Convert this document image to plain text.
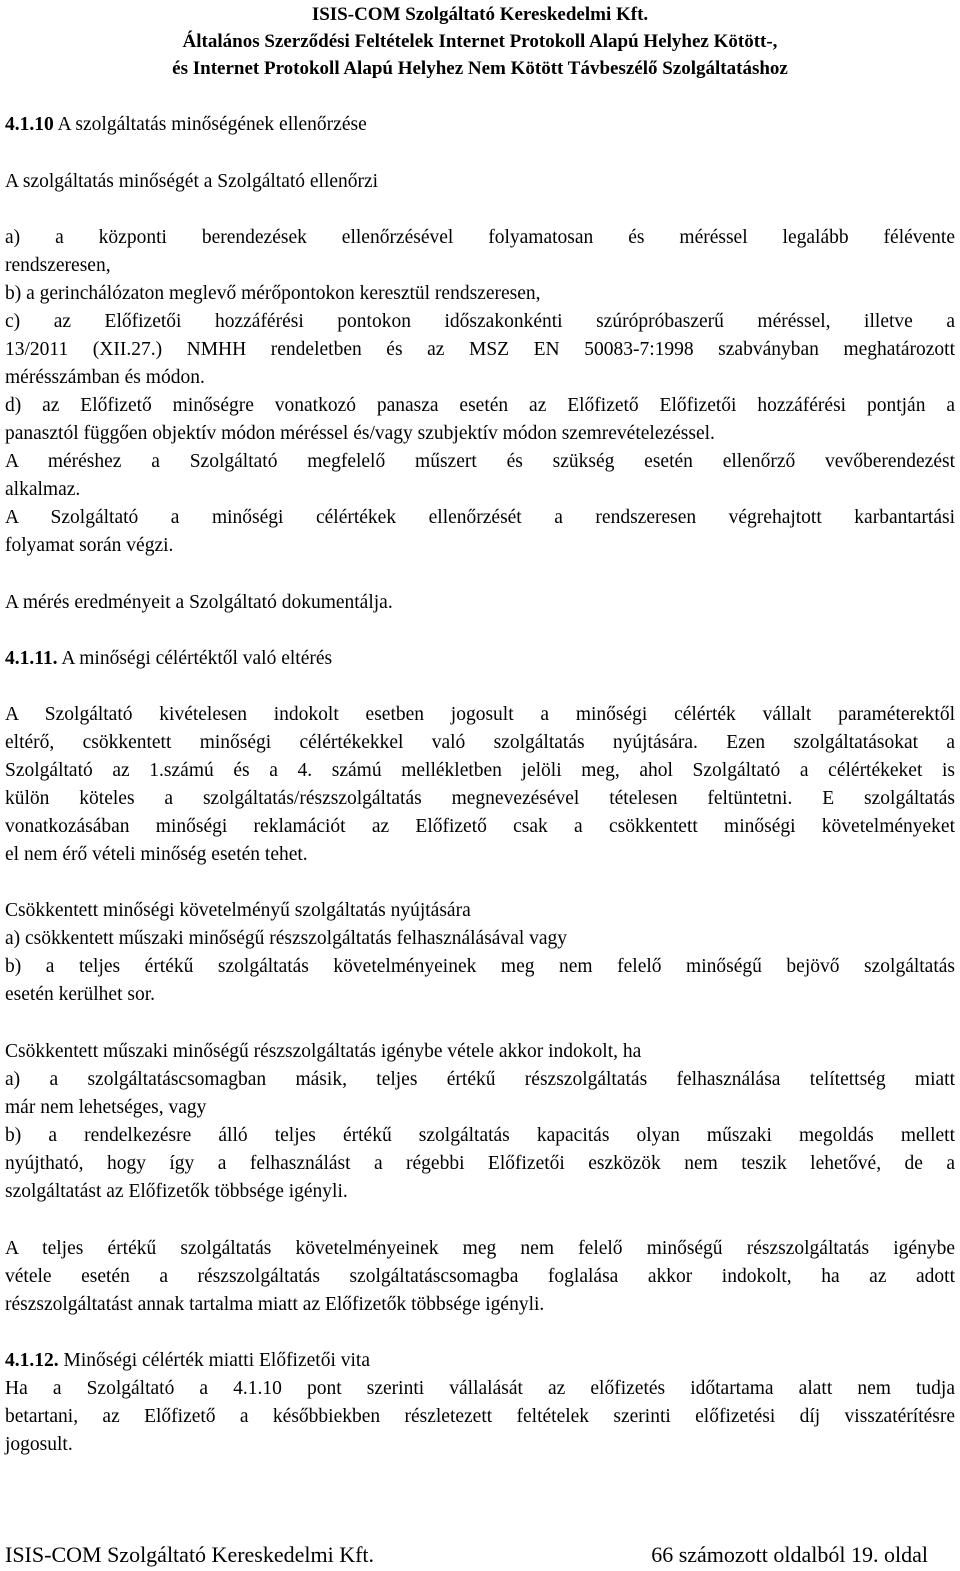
ISIS-COM Szolgáltató Kereskedelmi Kft.
Általános Szerződési Feltételek Internet Protokoll Alapú Helyhez Kötött-,
és Internet Protokoll Alapú Helyhez Nem Kötött Távbeszélő Szolgáltatáshoz
4.1.10 A szolgáltatás minőségének ellenőrzése
A szolgáltatás minőségét a Szolgáltató ellenőrzi
a) a központi berendezések ellenőrzésével folyamatosan és méréssel legalább félévente
rendszeresen,
b) a gerinchálózaton meglevő mérőpontokon keresztül rendszeresen,
c) az Előfizetői hozzáférési pontokon időszakonkénti szúrópróbaszerű méréssel, illetve a
13/2011 (XII.27.) NMHH rendeletben és az MSZ EN 50083-7:1998 szabványban meghatározott
mérésszámban és módon.
d) az Előfizető minőségre vonatkozó panasza esetén az Előfizető Előfizetői hozzáférési pontján a
panasztól függően objektív módon méréssel és/vagy szubjektív módon szemrevételezéssel.
A méréshez a Szolgáltató megfelelő műszert és szükség esetén ellenőrző vevőberendezést
alkalmaz.
A Szolgáltató a minőségi célértékek ellenőrzését a rendszeresen végrehajtott karbantartási
folyamat során végzi.
A mérés eredményeit a Szolgáltató dokumentálja.
4.1.11. A minőségi célértéktől való eltérés
A Szolgáltató kivételesen indokolt esetben jogosult a minőségi célérték vállalt paraméterektől
eltérő, csökkentett minőségi célértékekkel való szolgáltatás nyújtására. Ezen szolgáltatásokat a
Szolgáltató az 1.számú és a 4. számú mellékletben jelöli meg, ahol Szolgáltató a célértékeket is
külön köteles a szolgáltatás/részszolgáltatás megnevezésével tételesen feltüntetni. E szolgáltatás
vonatkozásában minőségi reklamációt az Előfizető csak a csökkentett minőségi követelményeket
el nem érő vételi minőség esetén tehet.
Csökkentett minőségi követelményű szolgáltatás nyújtására
a) csökkentett műszaki minőségű részszolgáltatás felhasználásával vagy
b) a teljes értékű szolgáltatás követelményeinek meg nem felelő minőségű bejövő szolgáltatás
esetén kerülhet sor.
Csökkentett műszaki minőségű részszolgáltatás igénybe vétele akkor indokolt, ha
a) a szolgáltatáscsomagban másik, teljes értékű részszolgáltatás felhasználása telítettség miatt
már nem lehetséges, vagy
b) a rendelkezésre álló teljes értékű szolgáltatás kapacitás olyan műszaki megoldás mellett
nyújtható, hogy így a felhasználást a régebbi Előfizetői eszközök nem teszik lehetővé, de a
szolgáltatást az Előfizetők többsége igényli.
A teljes értékű szolgáltatás követelményeinek meg nem felelő minőségű részszolgáltatás igénybe
vétele esetén a részszolgáltatás szolgáltatáscsomagba foglalása akkor indokolt, ha az adott
részszolgáltatást annak tartalma miatt az Előfizetők többsége igényli.
4.1.12. Minőségi célérték miatti Előfizetői vita
Ha a Szolgáltató a 4.1.10 pont szerinti vállalását az előfizetés időtartama alatt nem tudja
betartani, az Előfizető a későbbiekben részletezett feltételek szerinti előfizetési díj visszatérítésre
jogosult.
ISIS-COM Szolgáltató Kereskedelmi Kft.	66 számozott oldalból 19. oldal
